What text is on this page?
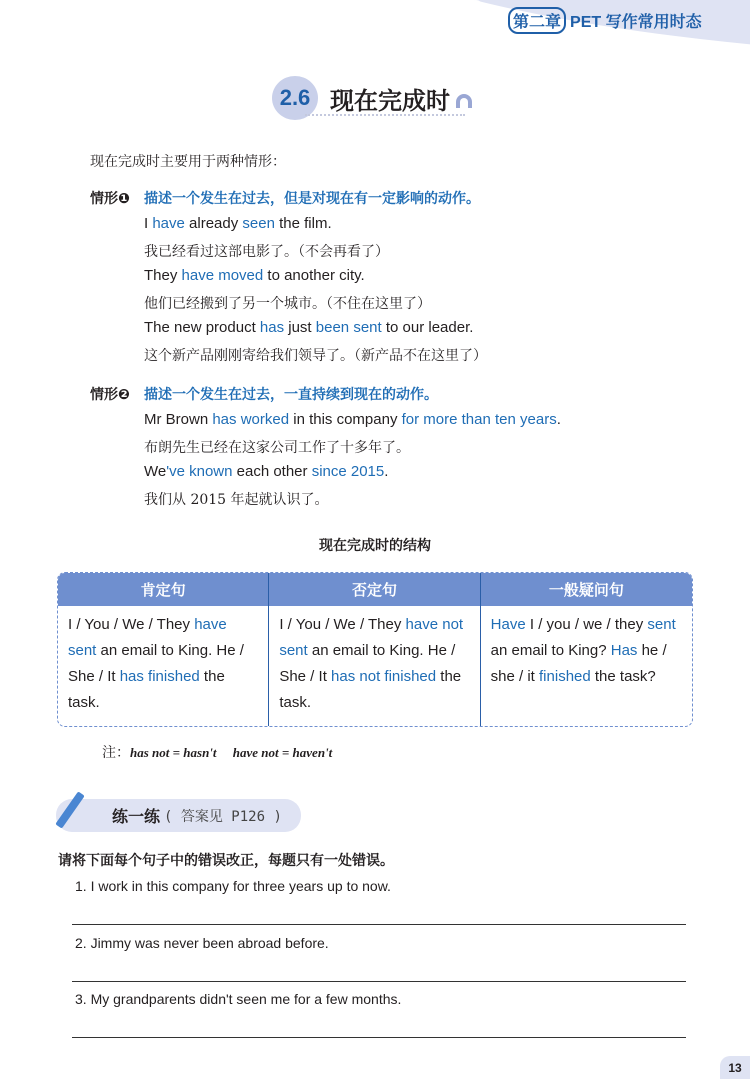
第二章 PET 写作常用时态
2.6 现在完成时
现在完成时主要用于两种情形：
情形❶ 描述一个发生在过去，但是对现在有一定影响的动作。
I have already seen the film.
我已经看过这部电影了。（不会再看了）
They have moved to another city.
他们已经搬到了另一个城市。（不住在这里了）
The new product has just been sent to our leader.
这个新产品刚刚寄给我们领导了。（新产品不在这里了）
情形❷ 描述一个发生在过去，一直持续到现在的动作。
Mr Brown has worked in this company for more than ten years.
布朗先生已经在这家公司工作了十多年了。
We've known each other since 2015.
我们从 2015 年起就认识了。
现在完成时的结构
肯定句	否定句	一般疑问句
I / You / We / They have sent an email to King. He / She / It has finished the task.	I / You / We / They have not sent an email to King. He / She / It has not finished the task.	Have I / you / we / they sent an email to King? Has he / she / it finished the task?
注：has not = hasn't     have not = haven't
练一练 ( 答案见 P126 )
请将下面每个句子中的错误改正，每题只有一处错误。
1. I work in this company for three years up to now.
2. Jimmy was never been abroad before.
3. My grandparents didn't seen me for a few months.
13
